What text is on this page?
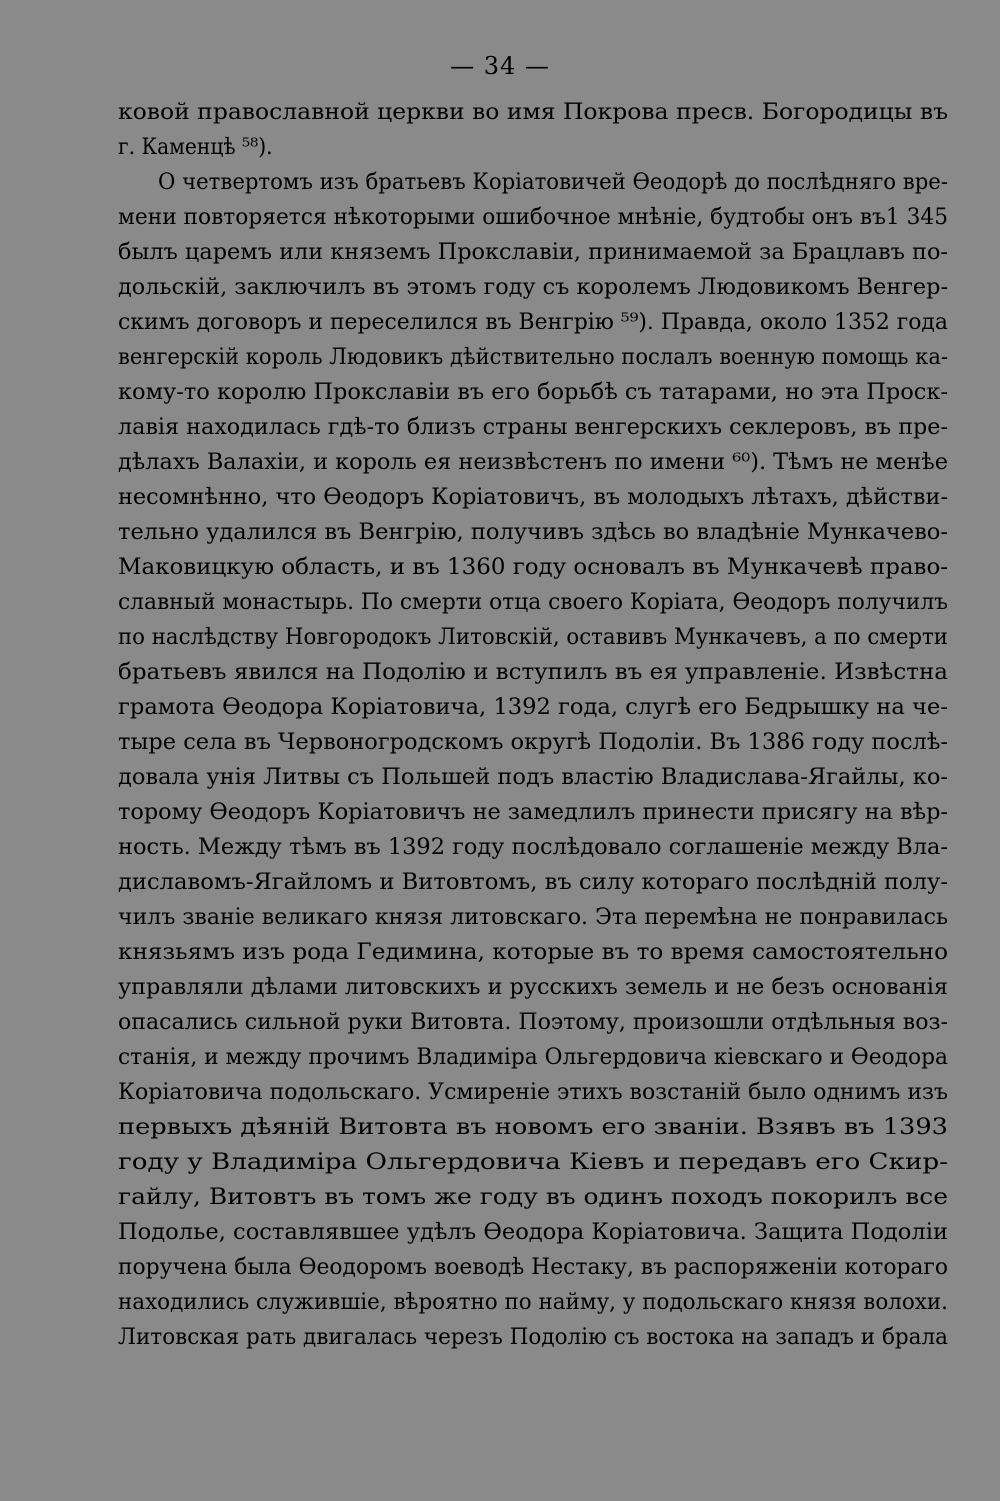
— 34 —
ковой православной церкви во имя Покрова пресв. Богородицы въ
г. Каменцѣ ⁵⁸).
О четвертомъ изъ братьевъ Коріатовичей Ѳеодорѣ до послѣдняго вре-
мени повторяется нѣкоторыми ошибочное мнѣніе, будтобы онъ въ1 345
былъ царемъ или княземъ Прокславіи, принимаемой за Брацлавъ по-
дольскій, заключилъ въ этомъ году съ королемъ Людовикомъ Венгер-
скимъ договоръ и переселился въ Венгрію ⁵⁹). Правда, около 1352 года
венгерскій король Людовикъ дѣйствительно послалъ военную помощь ка-
кому-то королю Прокславіи въ его борьбѣ съ татарами, но эта Проск-
лавія находилась гдѣ-то близъ страны венгерскихъ секлеровъ, въ пре-
дѣлахъ Валахіи, и король ея неизвѣстенъ по имени ⁶⁰). Тѣмъ не менѣе
несомнѣнно, что Ѳеодоръ Коріатовичъ, въ молодыхъ лѣтахъ, дѣйстви-
тельно удалился въ Венгрію, получивъ здѣсь во владѣніе Мункачево-
Маковицкую область, и въ 1360 году основалъ въ Мункачевѣ право-
славный монастырь. По смерти отца своего Коріата, Ѳеодоръ получилъ
по наслѣдству Новгородокъ Литовскій, оставивъ Мункачевъ, а по смерти
братьевъ явился на Подолію и вступилъ въ ея управленіе. Извѣстна
грамота Ѳеодора Коріатовича, 1392 года, слугѣ его Бедрышку на че-
тыре села въ Червоногродскомъ округѣ Подоліи. Въ 1386 году послѣ-
довала унія Литвы съ Польшей подъ властію Владислава-Ягайлы, ко-
торому Ѳеодоръ Коріатовичъ не замедлилъ принести присягу на вѣр-
ность. Между тѣмъ въ 1392 году послѣдовало соглашеніе между Вла-
диславомъ-Ягайломъ и Витовтомъ, въ силу котораго послѣдній полу-
чилъ званіе великаго князя литовскаго. Эта перемѣна не понравилась
князьямъ изъ рода Гедимина, которые въ то время самостоятельно
управляли дѣлами литовскихъ и русскихъ земель и не безъ основанія
опасались сильной руки Витовта. Поэтому, произошли отдѣльныя воз-
станія, и между прочимъ Владиміра Ольгердовича кіевскаго и Ѳеодора
Коріатовича подольскаго. Усмиреніе этихъ возстаній было однимъ изъ
первыхъ дѣяній Витовта въ новомъ его званіи. Взявъ въ 1393
году у Владиміра Ольгердовича Кіевъ и передавъ его Скир-
гайлу, Витовтъ въ томъ же году въ одинъ походъ покорилъ все
Подолье, составлявшее удѣлъ Ѳеодора Коріатовича. Защита Подоліи
поручена была Ѳеодоромъ воеводѣ Нестаку, въ распоряженіи котораго
находились служившіе, вѣроятно по найму, у подольскаго князя волохи.
Литовская рать двигалась черезъ Подолію съ востока на западъ и брала
